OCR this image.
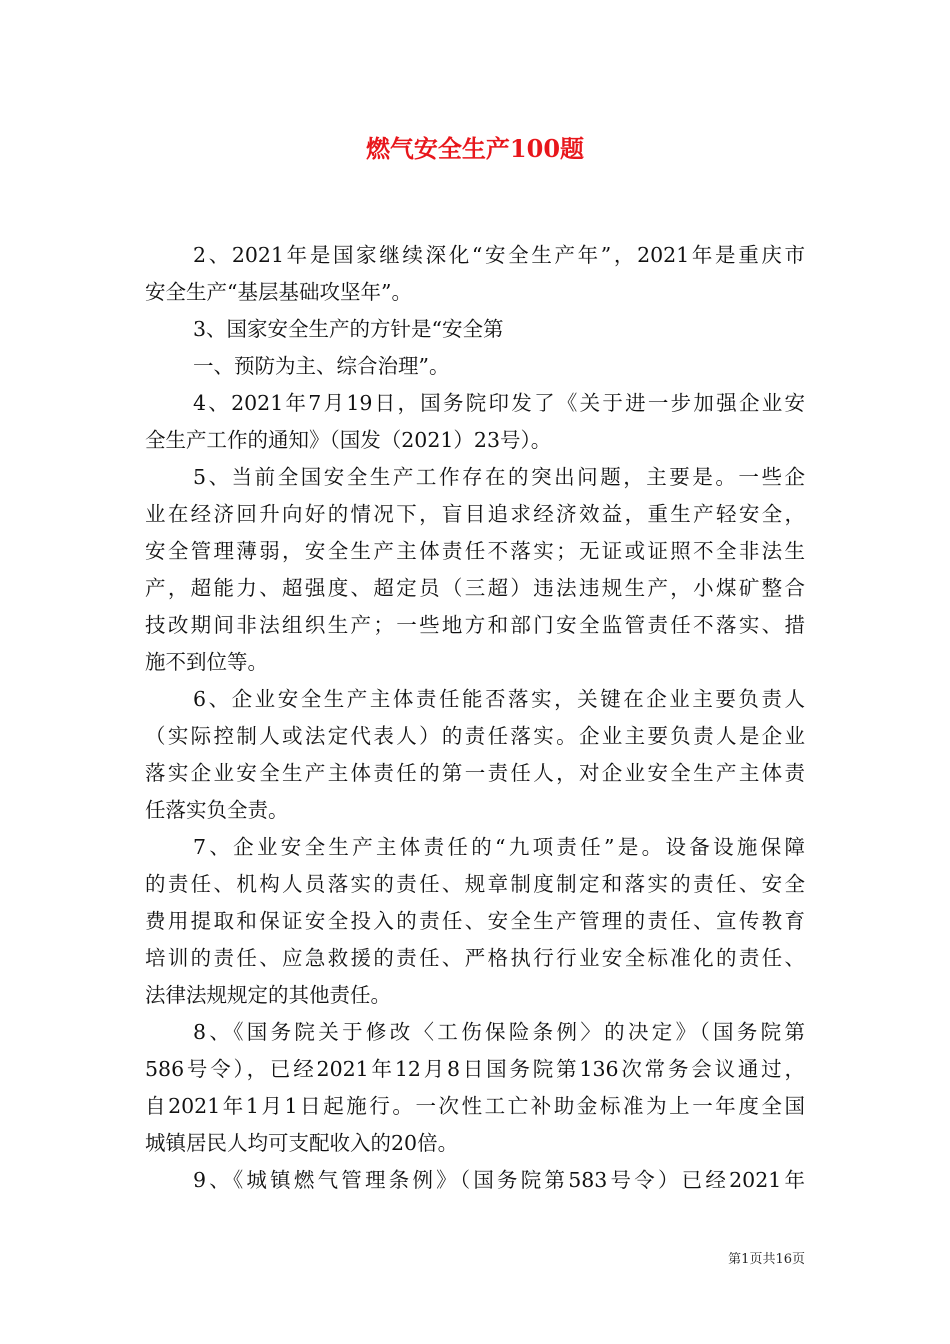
燃气安全生产100题
2、2021年是国家继续深化“安全生产年”，2021年是重庆市
安全生产“基层基础攻坚年”。
3、国家安全生产的方针是“安全第
一、预防为主、综合治理”。
4、2021年7月19日，国务院印发了《关于进一步加强企业安
全生产工作的通知》（国发（2021）23号）。
5、当前全国安全生产工作存在的突出问题，主要是。一些企
业在经济回升向好的情况下，盲目追求经济效益，重生产轻安全，
安全管理薄弱，安全生产主体责任不落实；无证或证照不全非法生
产，超能力、超强度、超定员（三超）违法违规生产，小煤矿整合
技改期间非法组织生产；一些地方和部门安全监管责任不落实、措
施不到位等。
6、企业安全生产主体责任能否落实，关键在企业主要负责人
（实际控制人或法定代表人）的责任落实。企业主要负责人是企业
落实企业安全生产主体责任的第一责任人，对企业安全生产主体责
任落实负全责。
7、企业安全生产主体责任的“九项责任”是。设备设施保障
的责任、机构人员落实的责任、规章制度制定和落实的责任、安全
费用提取和保证安全投入的责任、安全生产管理的责任、宣传教育
培训的责任、应急救援的责任、严格执行行业安全标准化的责任、
法律法规规定的其他责任。
8、《国务院关于修改〈工伤保险条例〉的决定》（国务院第
586号令），已经2021年12月8日国务院第136次常务会议通过，
自2021年1月1日起施行。一次性工亡补助金标准为上一年度全国
城镇居民人均可支配收入的20倍。
9、《城镇燃气管理条例》（国务院第583号令）已经2021年
第1页共16页
